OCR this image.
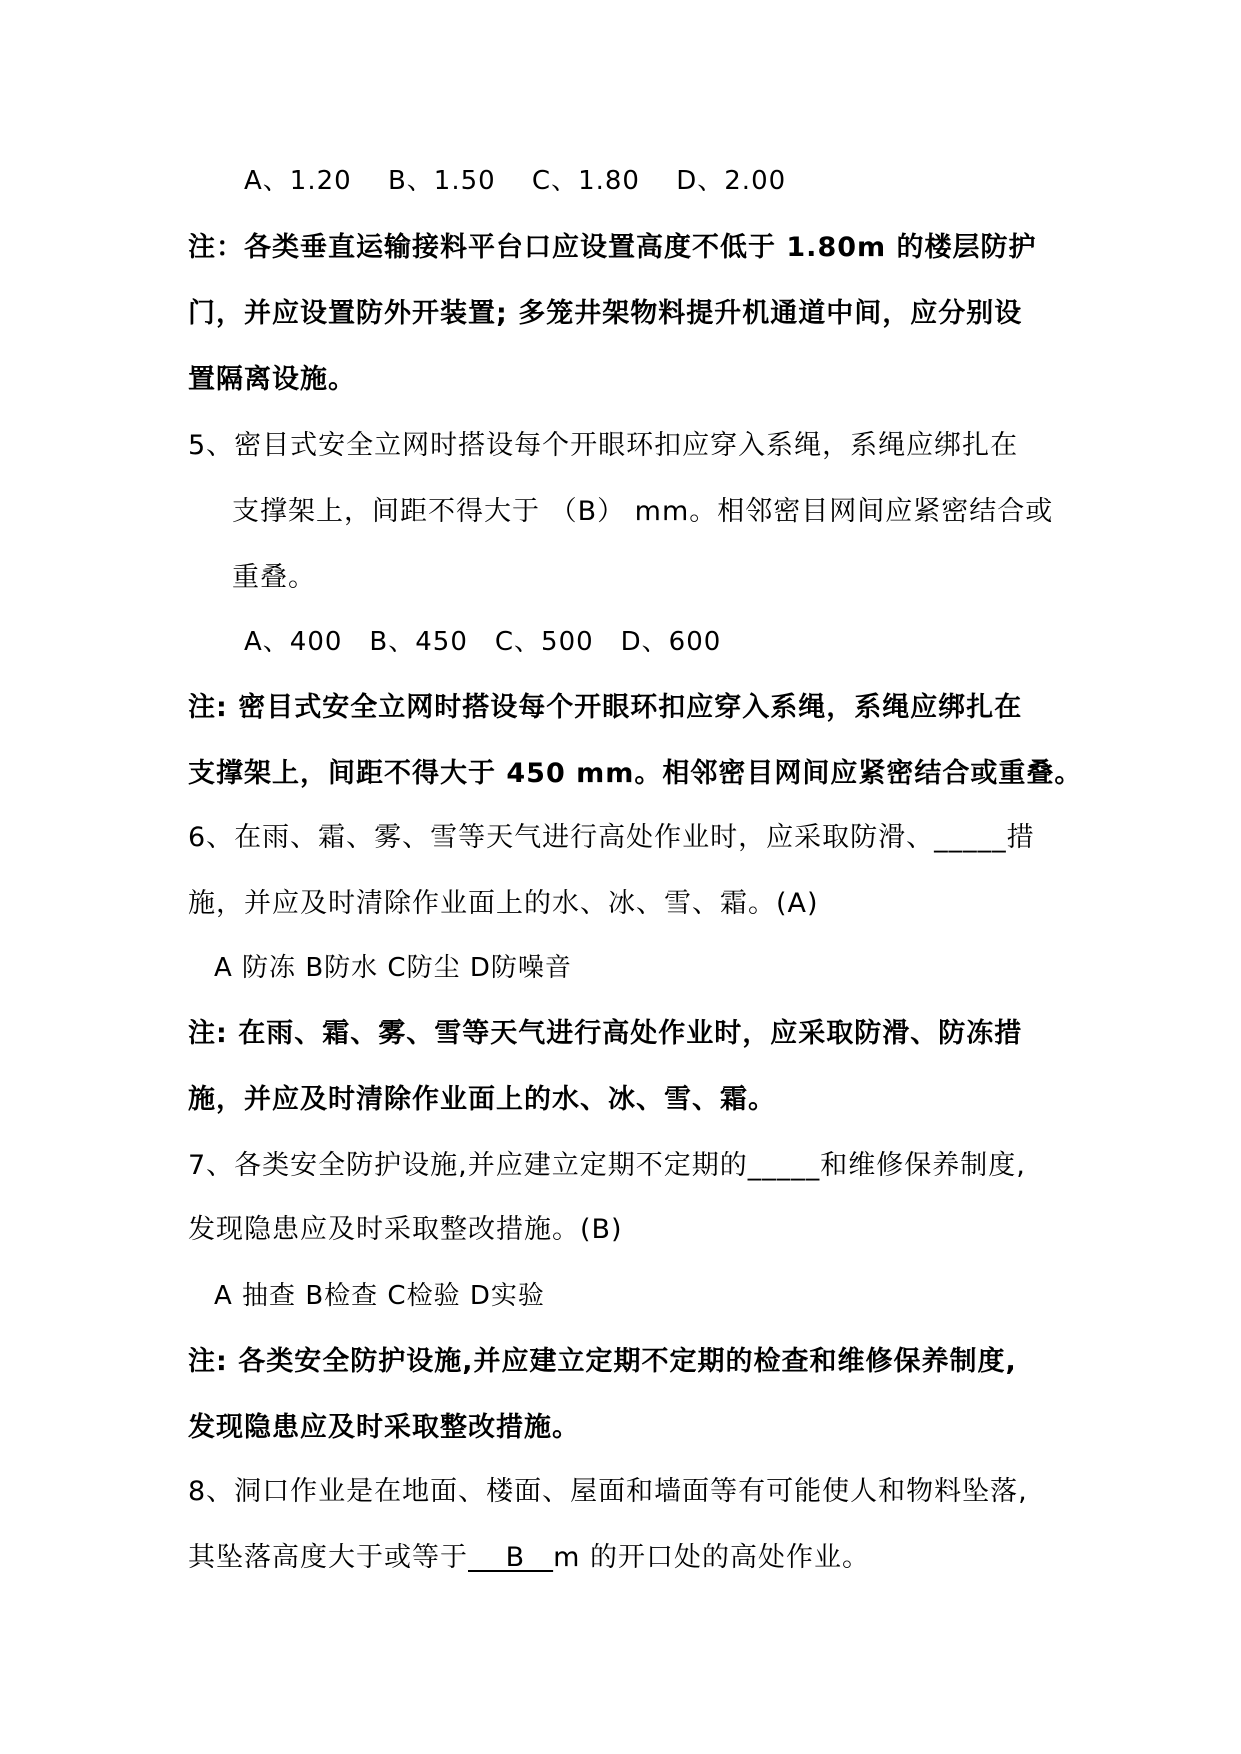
A、1.20　 B、1.50　 C、1.80　 D、2.00
注：各类垂直运输接料平台口应设置高度不低于 1.80m 的楼层防护
门，并应设置防外开装置; 多笼井架物料提升机通道中间，应分别设
置隔离设施。
5、密目式安全立网时搭设每个开眼环扣应穿入系绳，系绳应绑扎在
支撑架上，间距不得大于 （B） mm。相邻密目网间应紧密结合或
重叠。
A、400　B、450　C、500　D、600
注: 密目式安全立网时搭设每个开眼环扣应穿入系绳，系绳应绑扎在
支撑架上，间距不得大于 450 mm。相邻密目网间应紧密结合或重叠。
6、在雨、霜、雾、雪等天气进行高处作业时，应采取防滑、_____措
施，并应及时清除作业面上的水、冰、雪、霜。(A)
A 防冻 B防水 C防尘 D防噪音
注: 在雨、霜、雾、雪等天气进行高处作业时，应采取防滑、防冻措
施，并应及时清除作业面上的水、冰、雪、霜。
7、各类安全防护设施,并应建立定期不定期的_____和维修保养制度,
发现隐患应及时采取整改措施。(B)
A 抽查 B检查 C检验 D实验
注: 各类安全防护设施,并应建立定期不定期的检查和维修保养制度,
发现隐患应及时采取整改措施。
8、洞口作业是在地面、楼面、屋面和墙面等有可能使人和物料坠落,
其坠落高度大于或等于　 B　m 的开口处的高处作业。
